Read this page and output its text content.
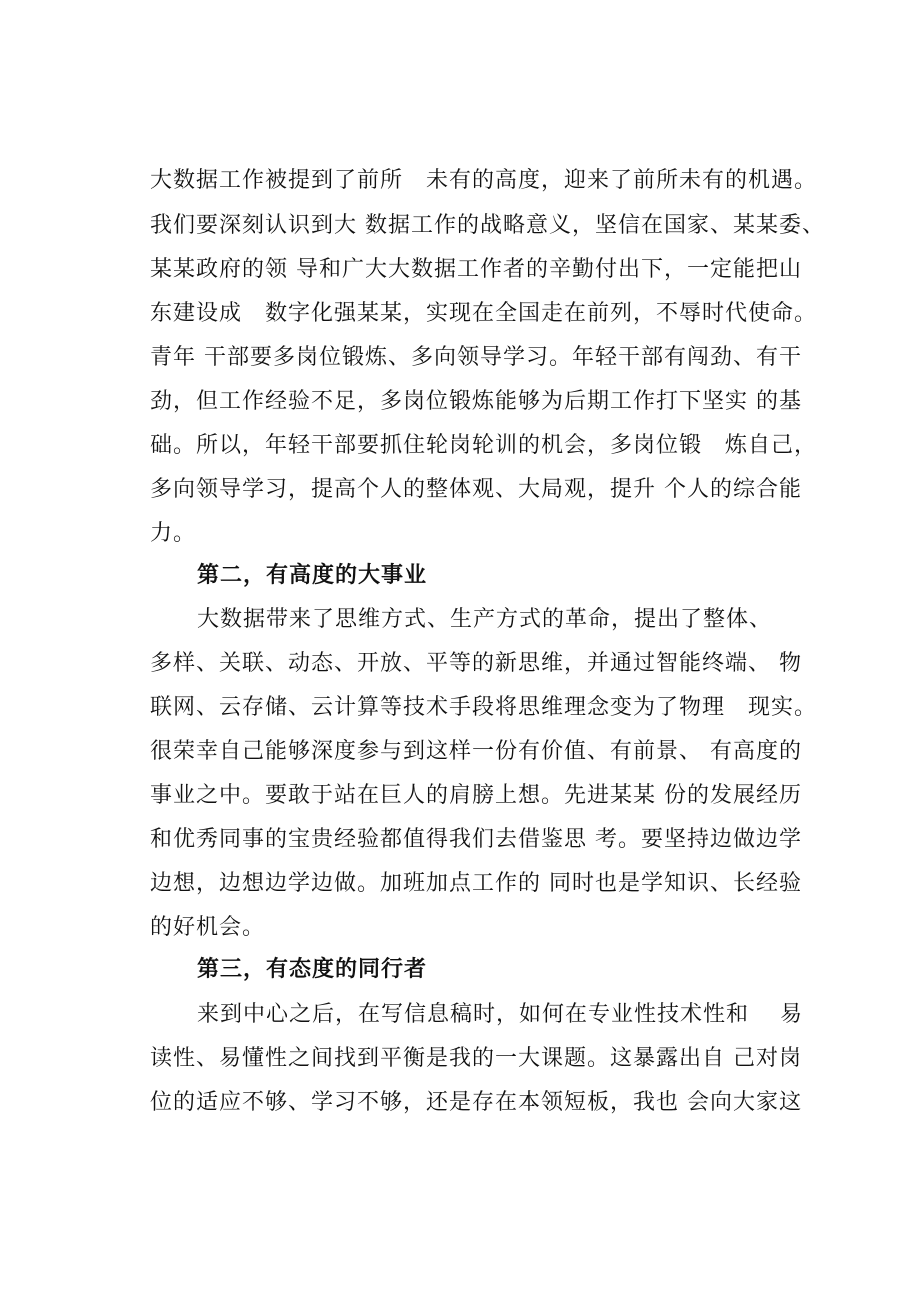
大数据工作被提到了前所　未有的高度，迎来了前所未有的机遇。
我们要深刻认识到大 数据工作的战略意义，坚信在国家、某某委、
某某政府的领 导和广大大数据工作者的辛勤付出下，一定能把山
东建设成　数字化强某某，实现在全国走在前列，不辱时代使命。
青年 干部要多岗位锻炼、多向领导学习。年轻干部有闯劲、有干
劲，但工作经验不足，多岗位锻炼能够为后期工作打下坚实 的基
础。所以，年轻干部要抓住轮岗轮训的机会，多岗位锻　炼自己，
多向领导学习，提高个人的整体观、大局观，提升 个人的综合能
力。
第二，有高度的大事业
大数据带来了思维方式、生产方式的革命，提出了整体、
多样、关联、动态、开放、平等的新思维，并通过智能终端、 物
联网、云存储、云计算等技术手段将思维理念变为了物理　现实。
很荣幸自己能够深度参与到这样一份有价值、有前景、 有高度的
事业之中。要敢于站在巨人的肩膀上想。先进某某 份的发展经历
和优秀同事的宝贵经验都值得我们去借鉴思 考。要坚持边做边学
边想，边想边学边做。加班加点工作的 同时也是学知识、长经验
的好机会。
第三，有态度的同行者
来到中心之后，在写信息稿时，如何在专业性技术性和　 易
读性、易懂性之间找到平衡是我的一大课题。这暴露出自 己对岗
位的适应不够、学习不够，还是存在本领短板，我也 会向大家这
